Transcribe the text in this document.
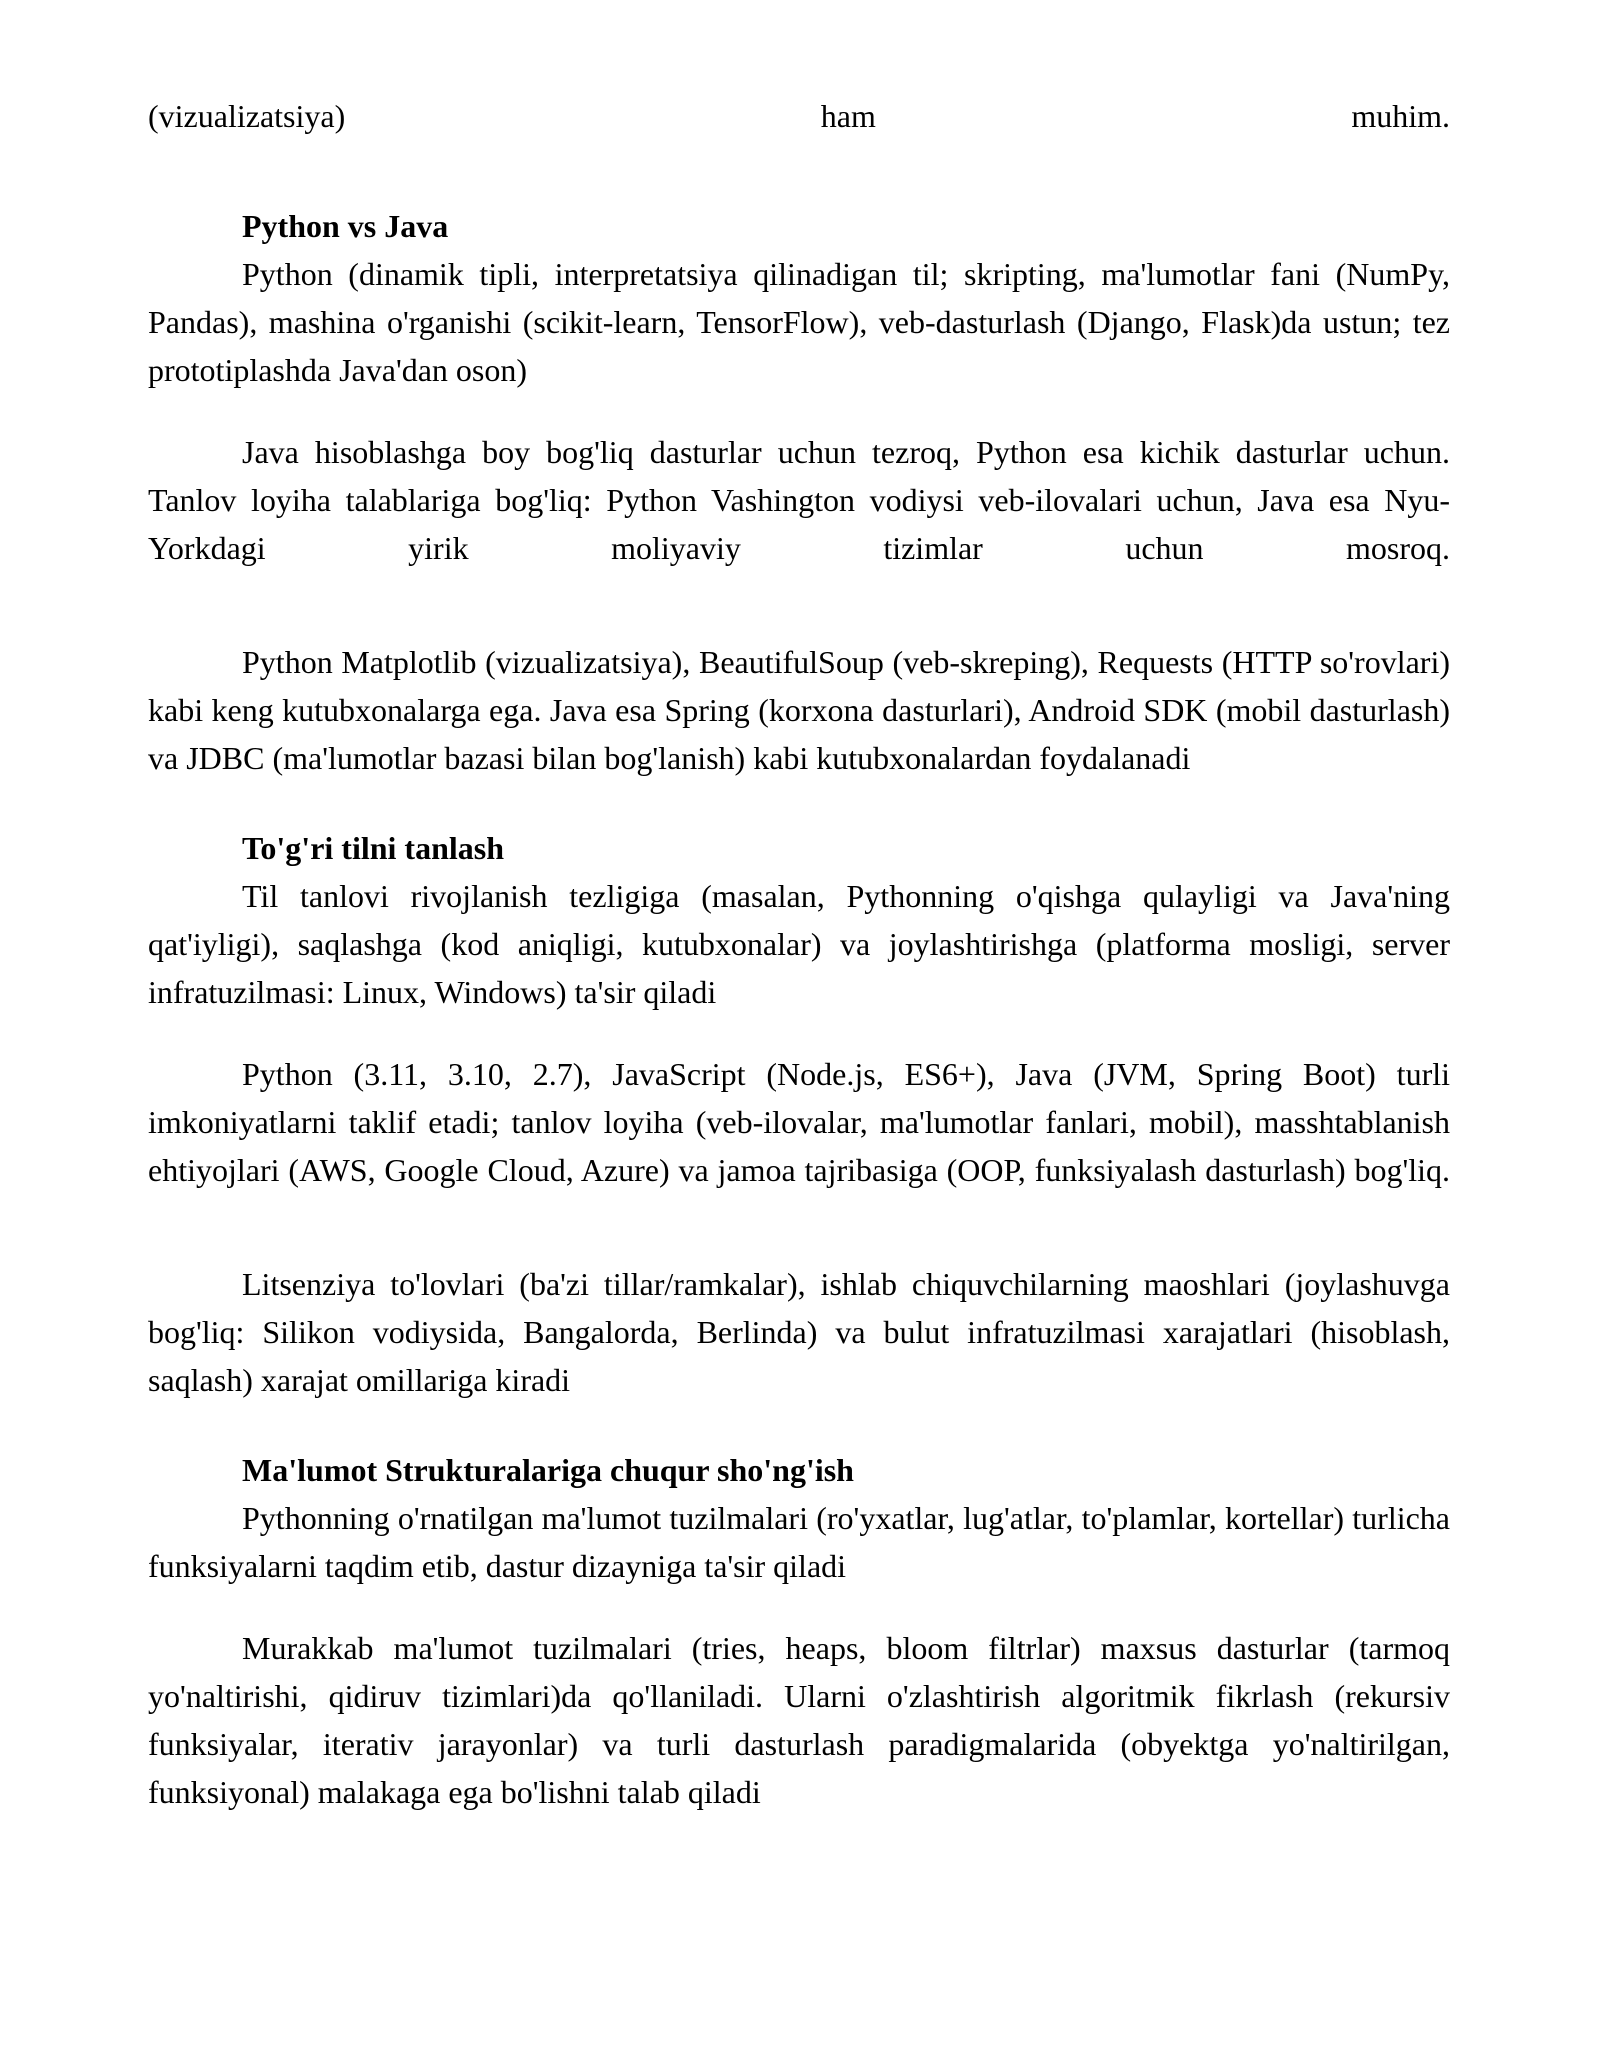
(vizualizatsiya) ham muhim.

Python vs Java

Python (dinamik tipli, interpretatsiya qilinadigan til; skripting, ma'lumotlar fani (NumPy, Pandas), mashina o'rganishi (scikit-learn, TensorFlow), veb-dasturlash (Django, Flask)da ustun; tez prototiplashda Java'dan oson)

Java hisoblashga boy bog'liq dasturlar uchun tezroq, Python esa kichik dasturlar uchun. Tanlov loyiha talablariga bog'liq: Python Vashington vodiysi veb-ilovalari uchun, Java esa Nyu-Yorkdagi yirik moliyaviy tizimlar uchun mosroq.

Python Matplotlib (vizualizatsiya), BeautifulSoup (veb-skreping), Requests (HTTP so'rovlari) kabi keng kutubxonalarga ega. Java esa Spring (korxona dasturlari), Android SDK (mobil dasturlash) va JDBC (ma'lumotlar bazasi bilan bog'lanish) kabi kutubxonalardan foydalanadi

To'g'ri tilni tanlash

Til tanlovi rivojlanish tezligiga (masalan, Pythonning o'qishga qulayligi va Java'ning qat'iyligi), saqlashga (kod aniqligi, kutubxonalar) va joylashtirishga (platforma mosligi, server infratuzilmasi: Linux, Windows) ta'sir qiladi

Python (3.11, 3.10, 2.7), JavaScript (Node.js, ES6+), Java (JVM, Spring Boot) turli imkoniyatlarni taklif etadi; tanlov loyiha (veb-ilovalar, ma'lumotlar fanlari, mobil), masshtablanish ehtiyojlari (AWS, Google Cloud, Azure) va jamoa tajribasiga (OOP, funksiyalash dasturlash) bog'liq.

Litsenziya to'lovlari (ba'zi tillar/ramkalar), ishlab chiquvchilarning maoshlari (joylashuvga bog'liq: Silikon vodiysida, Bangalorda, Berlinda) va bulut infratuzilmasi xarajatlari (hisoblash, saqlash) xarajat omillariga kiradi

Ma'lumot Strukturalariga chuqur sho'ng'ish

Pythonning o'rnatilgan ma'lumot tuzilmalari (ro'yxatlar, lug'atlar, to'plamlar, kortellar) turlicha funksiyalarni taqdim etib, dastur dizayniga ta'sir qiladi

Murakkab ma'lumot tuzilmalari (tries, heaps, bloom filtrlar) maxsus dasturlar (tarmoq yo'naltirishi, qidiruv tizimlari)da qo'llaniladi. Ularni o'zlashtirish algoritmik fikrlash (rekursiv funksiyalar, iterativ jarayonlar) va turli dasturlash paradigmalarida (obyektga yo'naltirilgan, funksiyonal) malakaga ega bo'lishni talab qiladi
